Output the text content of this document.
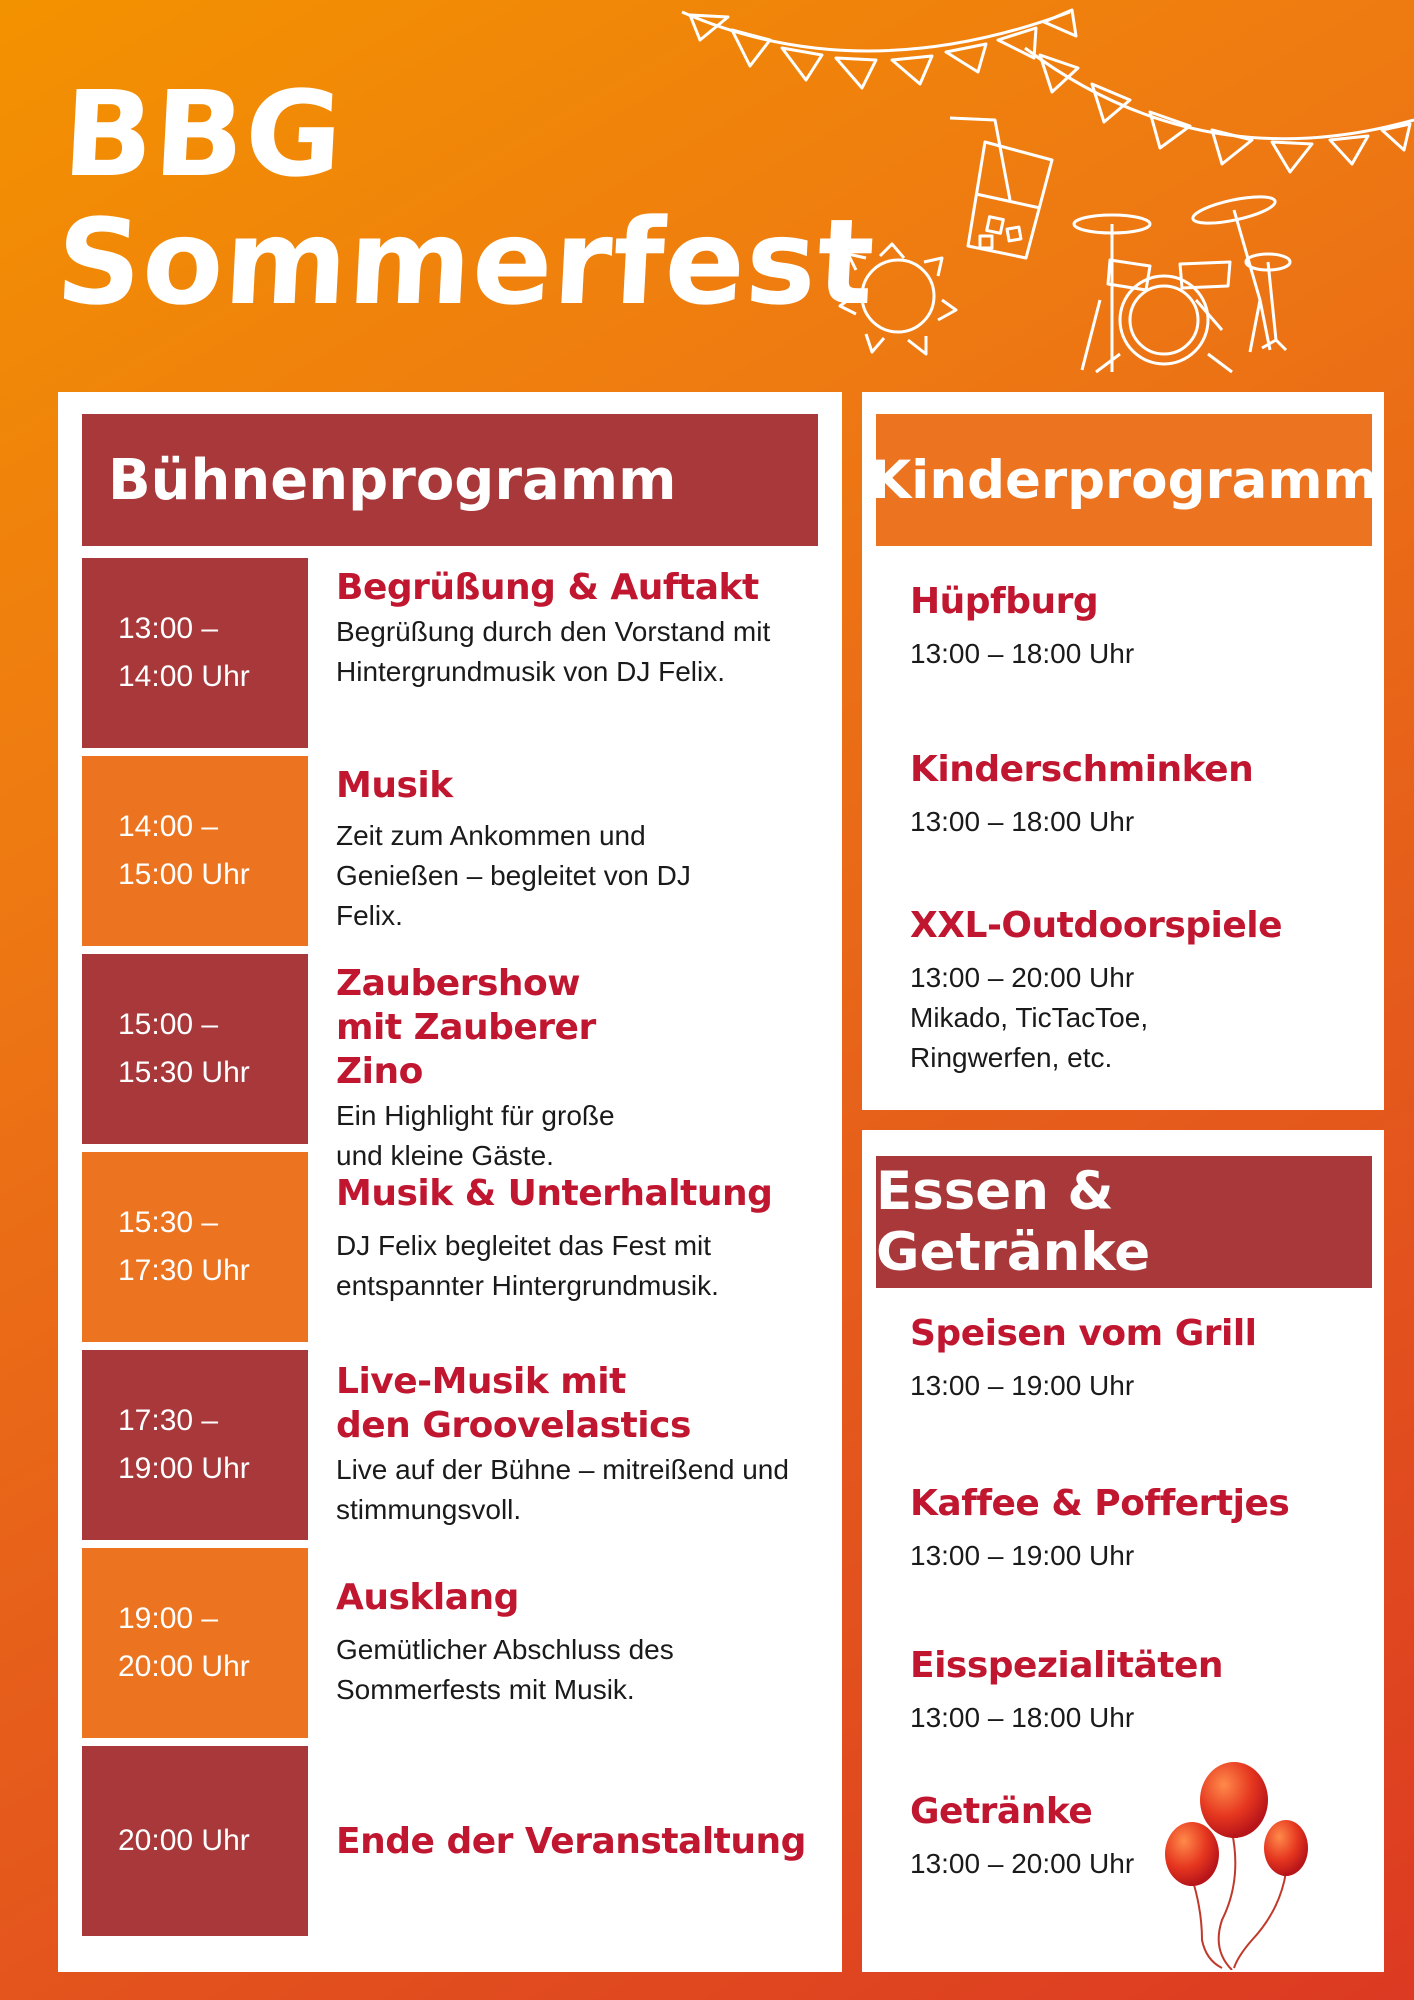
BBG
Sommerfest
Bühnenprogramm
13:00 –
14:00 Uhr
Begrüßung & Auftakt
Begrüßung durch den Vorstand mit Hintergrundmusik von DJ Felix.
14:00 –
15:00 Uhr
Musik
Zeit zum Ankommen und Genießen – begleitet von DJ Felix.
15:00 –
15:30 Uhr
Zaubershow mit Zauberer Zino
Ein Highlight für große und kleine Gäste.
15:30 –
17:30 Uhr
Musik & Unterhaltung
DJ Felix begleitet das Fest mit entspannter Hintergrundmusik.
17:30 –
19:00 Uhr
Live-Musik mit den Groovelastics
Live auf der Bühne – mitreißend und stimmungsvoll.
19:00 –
20:00 Uhr
Ausklang
Gemütlicher Abschluss des Sommerfests mit Musik.
20:00 Uhr	Ende der Veranstaltung
Kinderprogramm
Hüpfburg
13:00 – 18:00 Uhr
Kinderschminken
13:00 – 18:00 Uhr
XXL-Outdoorspiele
13:00 – 20:00 Uhr
Mikado, TicTacToe, Ringwerfen, etc.
Essen & Getränke
Speisen vom Grill
13:00 – 19:00 Uhr
Kaffee & Poffertjes
13:00 – 19:00 Uhr
Eisspezialitäten
13:00 – 18:00 Uhr
Getränke
13:00 – 20:00 Uhr
